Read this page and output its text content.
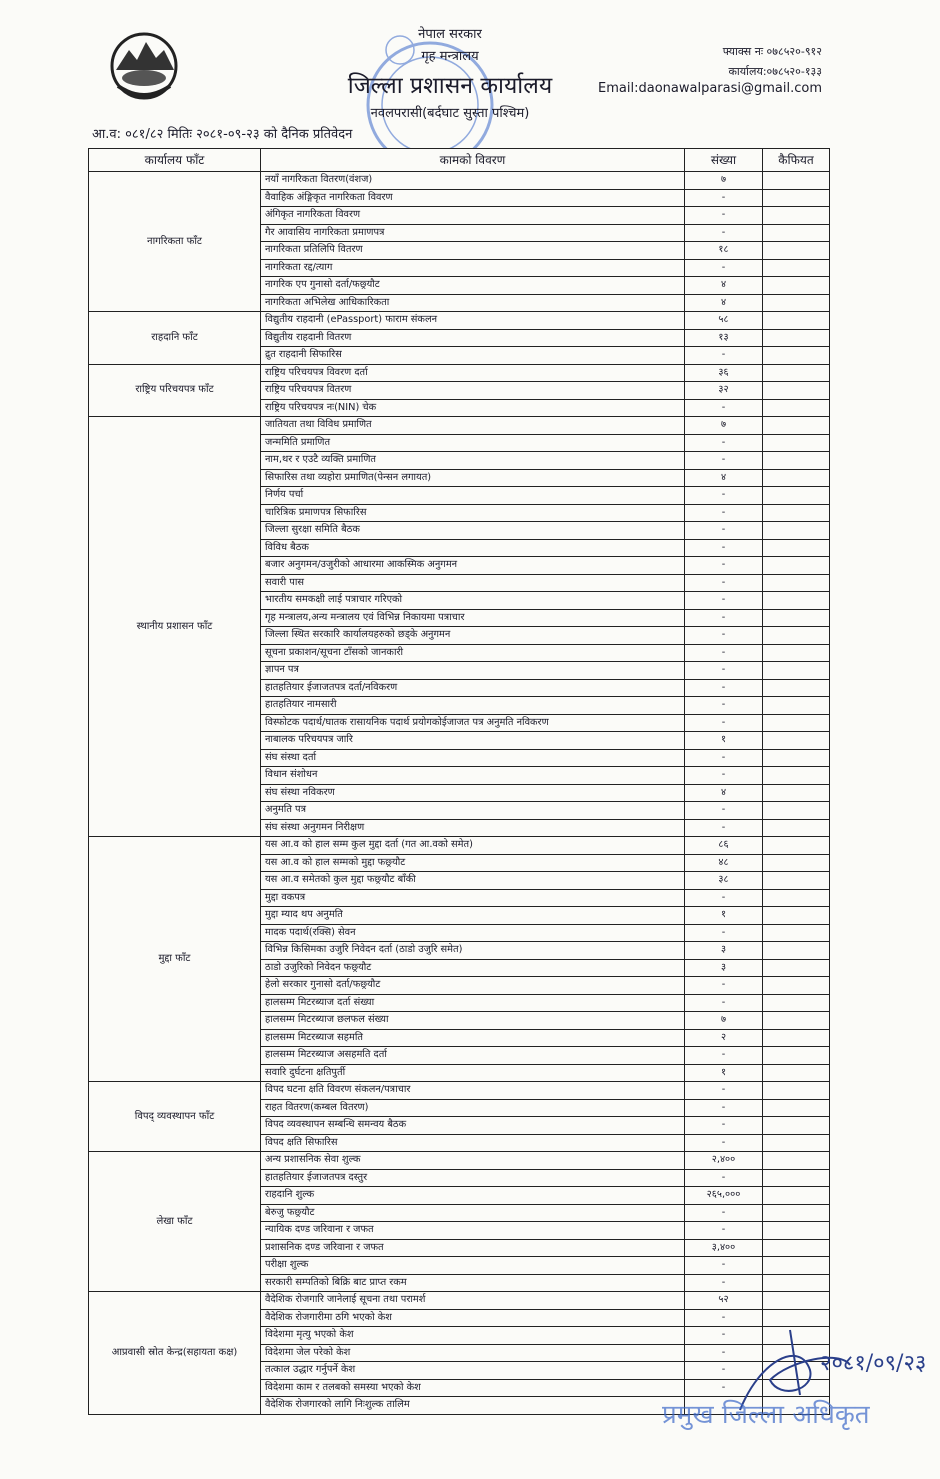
नेपाल सरकार
गृह मन्त्रालय
जिल्ला प्रशासन कार्यालय
नवलपरासी(बर्दघाट सुस्ता पश्चिम)
फ्याक्स नः ०७८५२०-९१२
कार्यालय:०७८५२०-१३३
Email:daonawalparasi@gmail.com
आ.व: ०८१/८२ मितिः २०८१-०९-२३ को दैनिक प्रतिवेदन
कार्यालय फाँट	कामको विवरण	संख्या	कैफियत
नागरिकता फाँट	नयाँ नागरिकता वितरण(वंशज)	७	
	वैवाहिक अंङ्गिकृत नागरिकता विवरण	-	
	अंगिकृत नागरिकता विवरण	-	
	गैर आवासिय नागरिकता प्रमाणपत्र	-	
	नागरिकता प्रतिलिपि वितरण	१८	
	नागरिकता रद्द/त्याग	-	
	नागरिक एप गुनासो दर्ता/फछ्र्यौट	४	
	नागरिकता अभिलेख आधिकारिकता	४	
राहदानि फाँट	विद्युतीय राहदानी (ePassport) फाराम संकलन	५८	
	विद्युतीय राहदानी वितरण	१३	
	द्रुत राहदानी सिफारिस	-	
राष्ट्रिय परिचयपत्र फाँट	राष्ट्रिय परिचयपत्र विवरण दर्ता	३६	
	राष्ट्रिय परिचयपत्र वितरण	३२	
	राष्ट्रिय परिचयपत्र नः(NIN) चेक	-	
स्थानीय प्रशासन फाँट	जातियता तथा विविध प्रमाणित	७	
	जन्ममिति प्रमाणित	-	
	नाम,थर र एउटै व्यक्ति प्रमाणित	-	
	सिफारिस तथा व्यहोरा प्रमाणित(पेन्सन लगायत)	४	
	निर्णय पर्चा	-	
	चारित्रिक प्रमाणपत्र सिफारिस	-	
	जिल्ला सुरक्षा समिति बैठक	-	
	विविध बैठक	-	
	बजार अनुगमन/उजुरीको आधारमा आकस्मिक अनुगमन	-	
	सवारी पास	-	
	भारतीय समकक्षी लाई पत्राचार गरिएको	-	
	गृह मन्त्रालय,अन्य मन्त्रालय एवं विभिन्न निकायमा पत्राचार	-	
	जिल्ला स्थित सरकारि कार्यालयहरुको छड्के अनुगमन	-	
	सूचना प्रकाशन/सूचना टाँसको जानकारी	-	
	ज्ञापन पत्र	-	
	हातहतियार ईजाजतपत्र दर्ता/नविकरण	-	
	हातहतियार नामसारी	-	
	विस्फोटक पदार्थ/घातक रासायनिक पदार्थ प्रयोगकोईजाजत पत्र अनुमति नविकरण	-	
	नाबालक परिचयपत्र जारि	१	
	संघ संस्था दर्ता	-	
	विधान संशोधन	-	
	संघ संस्था नविकरण	४	
	अनुमति पत्र	-	
	संघ संस्था अनुगमन निरीक्षण	-	
मुद्दा फाँट	यस आ.व को हाल सम्म कुल मुद्दा दर्ता (गत आ.वको समेत)	८६	
	यस आ.व को हाल सम्मको मुद्दा फछ्र्यौट	४८	
	यस आ.व समेतको कुल मुद्दा फछ्र्यौट बाँकी	३८	
	मुद्दा वकपत्र	-	
	मुद्दा म्याद थप अनुमति	१	
	मादक पदार्थ(रक्सि) सेवन	-	
	विभिन्न किसिमका उजुरि निवेदन दर्ता (ठाडो उजुरि समेत)	३	
	ठाडो उजुरिको निवेदन फछ्र्यौट	३	
	हेलो सरकार गुनासो दर्ता/फछ्र्यौट	-	
	हालसम्म मिटरब्याज दर्ता संख्या	-	
	हालसम्म मिटरब्याज छलफल संख्या	७	
	हालसम्म मिटरब्याज सहमति	२	
	हालसम्म मिटरब्याज असहमति दर्ता	-	
	सवारि दुर्घटना क्षतिपुर्ती	१	
विपद् व्यवस्थापन फाँट	विपद घटना क्षति विवरण संकलन/पत्राचार	-	
	राहत वितरण(कम्बल वितरण)	-	
	विपद व्यवस्थापन सम्बन्धि समन्वय बैठक	-	
	विपद क्षति सिफारिस	-	
लेखा फाँट	अन्य प्रशासनिक सेवा शुल्क	२,४००	
	हातहतियार ईजाजतपत्र दस्तुर	-	
	राहदानि शुल्क	२६५,०००	
	बेरुजु फछ्र्यौट	-	
	न्यायिक दण्ड जरिवाना र जफत	-	
	प्रशासनिक दण्ड जरिवाना र जफत	३,४००	
	परीक्षा शुल्क	-	
	सरकारी सम्पतिको बिक्रि बाट प्राप्त रकम	-	
आप्रवासी स्रोत केन्द्र(सहायता कक्ष)	वैदेशिक रोजगारि जानेलाई सूचना तथा परामर्श	५२	
	वैदेशिक रोजगारीमा ठगि भएको केश	-	
	विदेशमा मृत्यु भएको केश	-	
	विदेशमा जेल परेको केश	-	
	तत्काल उद्धार गर्नुपर्ने केश	-	
	विदेशमा काम र तलबको समस्या भएको केश	-	
	वैदेशिक रोजगारको लागि निःशुल्क तालिम		
२०८१/०९/२३
प्रमुख जिल्ला अधिकृत
